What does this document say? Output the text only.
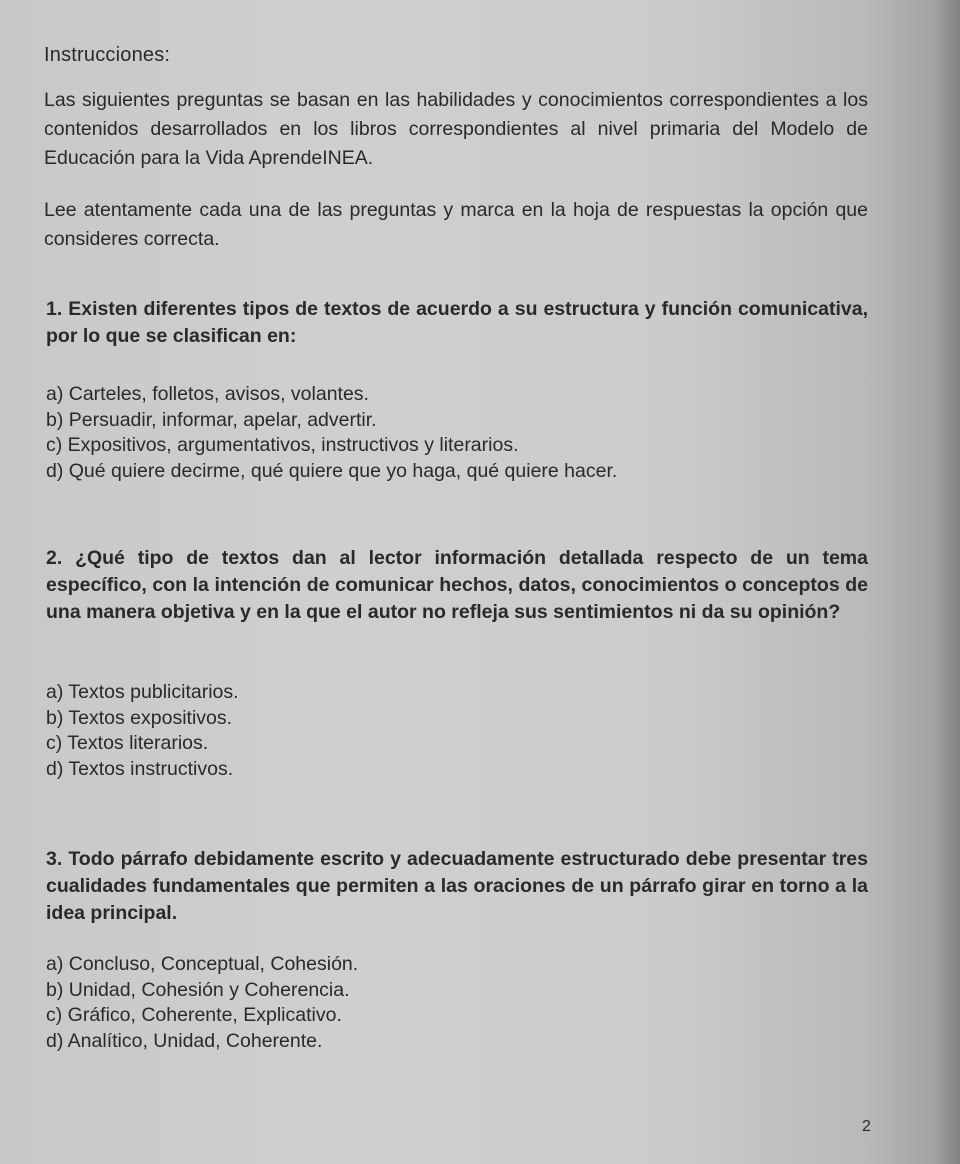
Instrucciones:
Las siguientes preguntas se basan en las habilidades y conocimientos correspondientes a los contenidos desarrollados en los libros correspondientes al nivel primaria del Modelo de Educación para la Vida AprendeINEA.
Lee atentamente cada una de las preguntas y marca en la hoja de respuestas la opción que consideres correcta.
1. Existen diferentes tipos de textos de acuerdo a su estructura y función comunicativa, por lo que se clasifican en:
a) Carteles, folletos, avisos, volantes.
b) Persuadir, informar, apelar, advertir.
c) Expositivos, argumentativos, instructivos y literarios.
d) Qué quiere decirme, qué quiere que yo haga, qué quiere hacer.
2. ¿Qué tipo de textos dan al lector información detallada respecto de un tema específico, con la intención de comunicar hechos, datos, conocimientos o conceptos de una manera objetiva y en la que el autor no refleja sus sentimientos ni da su opinión?
a) Textos publicitarios.
b) Textos expositivos.
c) Textos literarios.
d) Textos instructivos.
3. Todo párrafo debidamente escrito y adecuadamente estructurado debe presentar tres cualidades fundamentales que permiten a las oraciones de un párrafo girar en torno a la idea principal.
a) Concluso, Conceptual, Cohesión.
b) Unidad, Cohesión y Coherencia.
c) Gráfico, Coherente, Explicativo.
d) Analítico, Unidad, Coherente.
2
